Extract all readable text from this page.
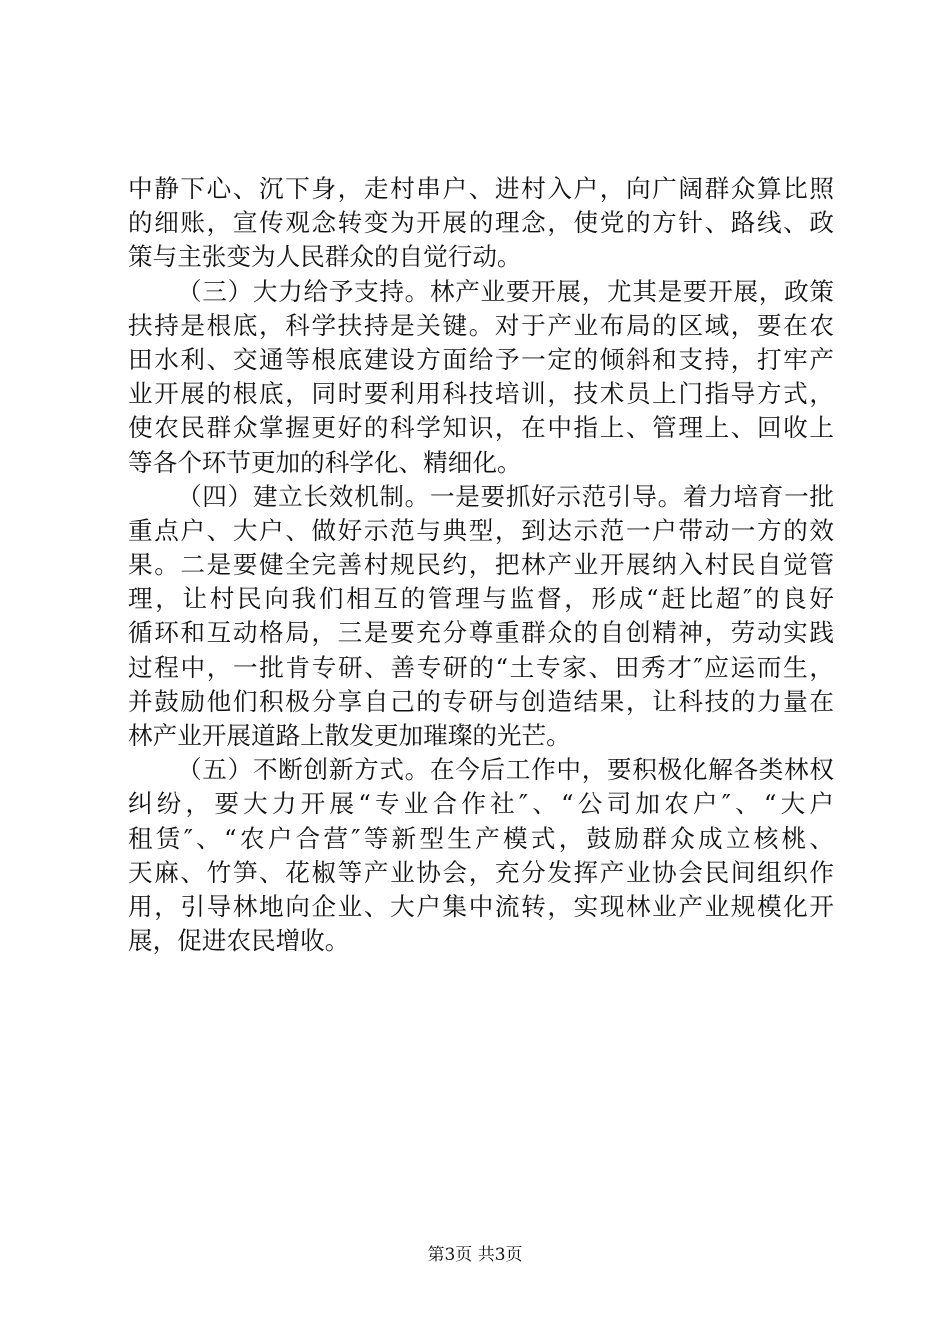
中静下心、沉下身，走村串户、进村入户，向广阔群众算比照
的细账，宣传观念转变为开展的理念，使党的方针、路线、政
策与主张变为人民群众的自觉行动。
（三）大力给予支持。林产业要开展，尤其是要开展，政策
扶持是根底，科学扶持是关键。对于产业布局的区域，要在农
田水利、交通等根底建设方面给予一定的倾斜和支持，打牢产
业开展的根底，同时要利用科技培训，技术员上门指导方式，
使农民群众掌握更好的科学知识，在中指上、管理上、回收上
等各个环节更加的科学化、精细化。
（四）建立长效机制。一是要抓好示范引导。着力培育一批
重点户、大户、做好示范与典型，到达示范一户带动一方的效
果。二是要健全完善村规民约，把林产业开展纳入村民自觉管
理，让村民向我们相互的管理与监督，形成“赶比超″的良好
循环和互动格局，三是要充分尊重群众的自创精神，劳动实践
过程中，一批肯专研、善专研的“土专家、田秀才″应运而生，
并鼓励他们积极分享自己的专研与创造结果，让科技的力量在
林产业开展道路上散发更加璀璨的光芒。
（五）不断创新方式。在今后工作中，要积极化解各类林权
纠纷，要大力开展“专业合作社″、“公司加农户″、“大户
租赁″、“农户合营″等新型生产模式，鼓励群众成立核桃、
天麻、竹笋、花椒等产业协会，充分发挥产业协会民间组织作
用，引导林地向企业、大户集中流转，实现林业产业规模化开
展，促进农民增收。
第3页 共3页
